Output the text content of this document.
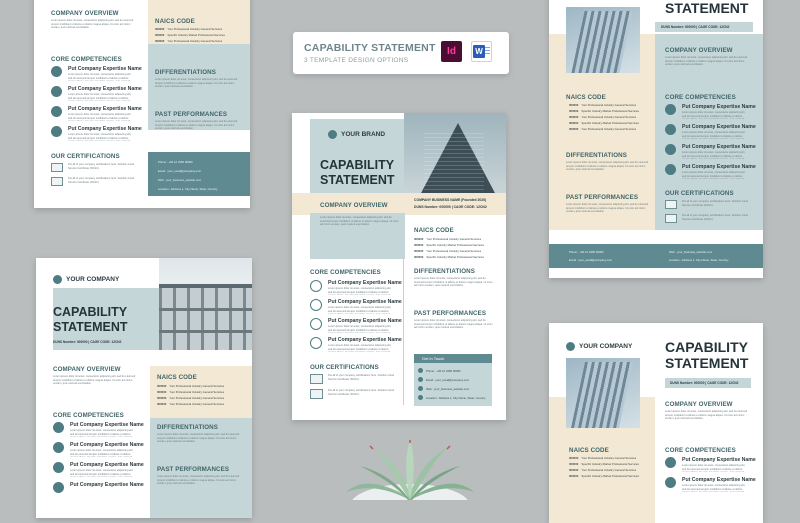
COMPANY OVERVIEW
Lorem ipsum dolor sit amet, consectetur adipiscing elit, sed do eiusmod tempor incididunt ut labore et dolore magna aliqua. Ut enim ad minim veniam, quis nostrud exercitation.
CORE COMPETENCIES
Put Company Expertise Name
Lorem ipsum dolor sit amet, consectetur adipiscing elit, sed do eiusmod tempor incididunt ut labore et dolore
Put Company Expertise Name
Lorem ipsum dolor sit amet, consectetur adipiscing elit, sed do eiusmod tempor incididunt ut labore et dolore
Put Company Expertise Name
Lorem ipsum dolor sit amet, consectetur adipiscing elit, sed do eiusmod tempor incididunt ut labore et dolore
Put Company Expertise Name
Lorem ipsum dolor sit amet, consectetur adipiscing elit, sed do eiusmod tempor incididunt ut labore et dolore
OUR CERTIFICATIONS
Put all of your company certifications here. Solution Good Service Certificate (SGSC).
Put all of your company certifications here. Solution Good Service Certificate (SGSC).
NAICS CODE
000000 Your Professional Industry General Services
000000 Specific Industry Market Professional Services
000000 Your Professional Industry General Services
DIFFERENTIATIONS
Lorem ipsum dolor sit amet, consectetur adipiscing elit, sed do eiusmod tempor incididunt ut labore et dolore magna aliqua. Ut enim ad minim veniam, quis nostrud exercitation.
PAST PERFORMANCES
Lorem ipsum dolor sit amet, consectetur adipiscing elit, sed do eiusmod tempor incididunt ut labore et dolore magna aliqua. Ut enim ad minim veniam, quis nostrud exercitation.
Phone : +00 12 3456 00000
Email : your_email@company.com
Web : your_business_website.com
Location : Address 1, City Name, State, Country
YOUR COMPANY
CAPABILITY
STATEMENT
DUNS Number: 000000 | CAGE CODE: 12CN2
COMPANY OVERVIEW
Lorem ipsum dolor sit amet, consectetur adipiscing elit, sed do eiusmod tempor incididunt ut labore et dolore magna aliqua. Ut enim ad minim veniam, quis nostrud exercitation.
CORE COMPETENCIES
Put Company Expertise Name
Lorem ipsum dolor sit amet, consectetur adipiscing elit, sed do eiusmod tempor incididunt ut labore et dolore
Put Company Expertise Name
Lorem ipsum dolor sit amet, consectetur adipiscing elit, sed do eiusmod tempor incididunt ut labore et dolore
Put Company Expertise Name
Lorem ipsum dolor sit amet, consectetur adipiscing elit, sed do eiusmod tempor incididunt ut labore et dolore
Put Company Expertise Name
NAICS CODE
000000 Your Professional Industry General Services
000000 Your Professional Industry General Services
000000 Your Professional Industry General Services
000000 Your Professional Industry General Services
DIFFERENTIATIONS
Lorem ipsum dolor sit amet, consectetur adipiscing elit, sed do eiusmod tempor incididunt ut labore et dolore magna aliqua. Ut enim ad minim veniam, quis nostrud exercitation.
PAST PERFORMANCES
Lorem ipsum dolor sit amet, consectetur adipiscing elit, sed do eiusmod tempor incididunt ut labore et dolore magna aliqua. Ut enim ad minim veniam, quis nostrud exercitation.
YOUR BRAND
CAPABILITY
STATEMENT
COMPANY BUSINESS NAME (Founded 2020)
DUNS Number: 000000 | CAGE CODE: 12CN2
COMPANY OVERVIEW
Lorem ipsum dolor sit amet, consectetur adipiscing elit, sed do eiusmod tempor incididunt ut labore et dolore magna aliqua. Ut enim ad minim veniam, quis nostrud exercitation.
NAICS CODE
000000 Your Professional Industry General Services
000000 Specific Industry Market Professional Services
000000 Your Professional Industry General Services
000000 Specific Industry Market Professional Services
CORE COMPETENCIES
Put Company Expertise Name
Lorem ipsum dolor sit amet, consectetur adipiscing elit, sed do eiusmod tempor incididunt ut labore et dolore
Put Company Expertise Name
Lorem ipsum dolor sit amet, consectetur adipiscing elit, sed do eiusmod tempor incididunt ut labore et dolore
Put Company Expertise Name
Lorem ipsum dolor sit amet, consectetur adipiscing elit, sed do eiusmod tempor incididunt ut labore et dolore
Put Company Expertise Name
Lorem ipsum dolor sit amet, consectetur adipiscing elit, sed do eiusmod tempor incididunt ut labore et dolore
DIFFERENTIATIONS
Lorem ipsum dolor sit amet, consectetur adipiscing elit, sed do eiusmod tempor incididunt ut labore et dolore magna aliqua. Ut enim ad minim veniam, quis nostrud exercitation.
PAST PERFORMANCES
Lorem ipsum dolor sit amet, consectetur adipiscing elit, sed do eiusmod tempor incididunt ut labore et dolore magna aliqua. Ut enim ad minim veniam, quis nostrud exercitation.
OUR CERTIFICATIONS
Put all of your company certifications here. Solution Good Service Certificate (SGSC).
Put all of your company certifications here. Solution Good Service Certificate (SGSC).
Get in Touch
Phone : +00 12 3456 00000
Email : your_email@company.com
Web : your_business_website.com
Location : Address 1, City Name, State, Country
STATEMENT
DUNS Number: 000000 | CAGE CODE: 12CN2
COMPANY OVERVIEW
Lorem ipsum dolor sit amet, consectetur adipiscing elit, sed do eiusmod tempor incididunt ut labore et dolore magna aliqua. Ut enim ad minim veniam, quis nostrud exercitation.
NAICS CODE
000000 Your Professional Industry General Services
000000 Specific Industry Market Professional Services
000000 Your Professional Industry General Services
000000 Specific Industry Market Professional Services
000000 Your Professional Industry General Services
DIFFERENTIATIONS
Lorem ipsum dolor sit amet, consectetur adipiscing elit, sed do eiusmod tempor incididunt ut labore et dolore magna aliqua. Ut enim ad minim veniam, quis nostrud exercitation.
PAST PERFORMANCES
Lorem ipsum dolor sit amet, consectetur adipiscing elit, sed do eiusmod tempor incididunt ut labore et dolore magna aliqua. Ut enim ad minim veniam, quis nostrud exercitation.
CORE COMPETENCIES
Put Company Expertise Name
Lorem ipsum dolor sit amet, consectetur adipiscing elit, sed do eiusmod tempor incididunt ut labore et dolore
Put Company Expertise Name
Lorem ipsum dolor sit amet, consectetur adipiscing elit, sed do eiusmod tempor incididunt ut labore et dolore
Put Company Expertise Name
Lorem ipsum dolor sit amet, consectetur adipiscing elit, sed do eiusmod tempor incididunt ut labore et dolore
Put Company Expertise Name
Lorem ipsum dolor sit amet, consectetur adipiscing elit, sed do eiusmod tempor incididunt ut labore et dolore
OUR CERTIFICATIONS
Put all of your company certifications here. Solution Good Service Certificate (SGSC).
Put all of your company certifications here. Solution Good Service Certificate (SGSC).
Phone : +00 12 3456 00000
Email : your_email@company.com
Web : your_business_website.com
Location : Address 1, City Name, State, Country
YOUR COMPANY CAPABILITY
STATEMENT
DUNS Number: 000000 | CAGE CODE: 12CN2
COMPANY OVERVIEW
Lorem ipsum dolor sit amet, consectetur adipiscing elit, sed do eiusmod tempor incididunt ut labore et dolore magna aliqua. Ut enim ad minim veniam, quis nostrud exercitation.
NAICS CODE
000000 Your Professional Industry General Services
000000 Specific Industry Market Professional Services
000000 Your Professional Industry General Services
000000 Specific Industry Market Professional Services
CORE COMPETENCIES
Put Company Expertise Name
Lorem ipsum dolor sit amet, consectetur adipiscing elit, sed do eiusmod tempor incididunt ut labore et dolore
Put Company Expertise Name
Lorem ipsum dolor sit amet, consectetur adipiscing elit, sed do eiusmod tempor incididunt ut labore et dolore
CAPABILITY STATEMENT
3 TEMPLATE DESIGN OPTIONS
Id W
